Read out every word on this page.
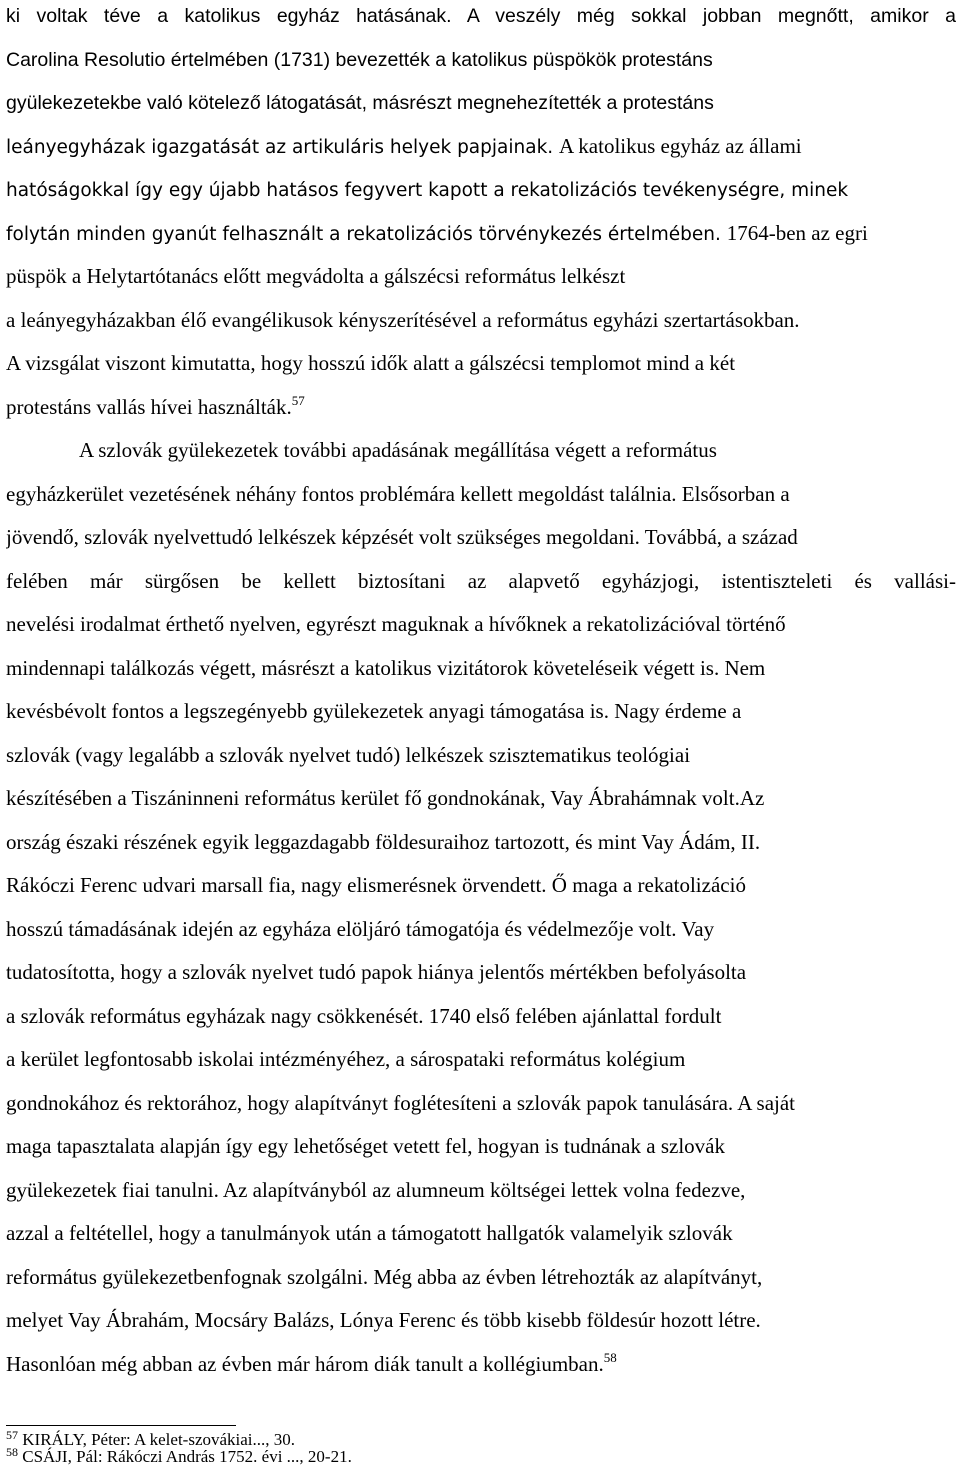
ki voltak téve a katolikus egyház hatásának. A veszély még sokkal jobban megnőtt, amikor a
Carolina Resolutio értelmében (1731) bevezették a katolikus püspökök protestáns
gyülekezetekbe való kötelező látogatását, másrészt megnehezítették a protestáns
leányegyházak igazgatását az artikuláris helyek papjainak. A katolikus egyház az állami
hatóságokkal így egy újabb hatásos fegyvert kapott a rekatolizációs tevékenységre, minek
folytán minden gyanút felhasznált a rekatolizációs törvénykezés értelmében. 1764-ben az egri
püspök a Helytartótanács előtt megvádolta a gálszécsi református lelkészt
a leányegyházakban élő evangélikusok kényszerítésével a református egyházi szertartásokban.
A vizsgálat viszont kimutatta, hogy hosszú idők alatt a gálszécsi templomot mind a két
protestáns vallás hívei használták.$^{57}$
A szlovák gyülekezetek további apadásának megállítása végett a református
egyházkerület vezetésének néhány fontos problémára kellett megoldást találnia. Elsősorban a
jövendő, szlovák nyelvettudó lelkészek képzését volt szükséges megoldani. Továbbá, a század
felében már sürgősen be kellett biztosítani az alapvető egyházjogi, istentiszteleti és vallási-
nevelési irodalmat érthető nyelven, egyrészt maguknak a hívőknek a rekatolizációval történő
mindennapi találkozás végett, másrészt a katolikus vizitátorok követeléseik végett is. Nem
kevésbévolt fontos a legszegényebb gyülekezetek anyagi támogatása is. Nagy érdeme a
szlovák (vagy legalább a szlovák nyelvet tudó) lelkészek szisztematikus teológiai
készítésében a Tiszáninneni református kerület fő gondnokának, Vay Ábrahámnak volt.Az
ország északi részének egyik leggazdagabb földesuraihoz tartozott, és mint Vay Ádám, II.
Rákóczi Ferenc udvari marsall fia, nagy elismerésnek örvendett. Ő maga a rekatolizáció
hosszú támadásának idején az egyháza elöljáró támogatója és védelmezője volt. Vay
tudatosította, hogy a szlovák nyelvet tudó papok hiánya jelentős mértékben befolyásolta
a szlovák református egyházak nagy csökkenését. 1740 első felében ajánlattal fordult
a kerület legfontosabb iskolai intézményéhez, a sárospataki református kolégium
gondnokához és rektorához, hogy alapítványt foglétesíteni a szlovák papok tanulására. A saját
maga tapasztalata alapján így egy lehetőséget vetett fel, hogyan is tudnának a szlovák
gyülekezetek fiai tanulni. Az alapítványból az alumneum költségei lettek volna fedezve,
azzal a feltétellel, hogy a tanulmányok után a támogatott hallgatók valamelyik szlovák
református gyülekezetbenfognak szolgálni. Még abba az évben létrehozták az alapítványt,
melyet Vay Ábrahám, Mocsáry Balázs, Lónya Ferenc és több kisebb földesúr hozott létre.
Hasonlóan még abban az évben már három diák tanult a kollégiumban.$^{58}$
$^{57}$ KIRÁLY, Péter: A kelet-szovákiai..., 30.
$^{58}$ CSÁJI, Pál: Rákóczi András 1752. évi ..., 20-21.
